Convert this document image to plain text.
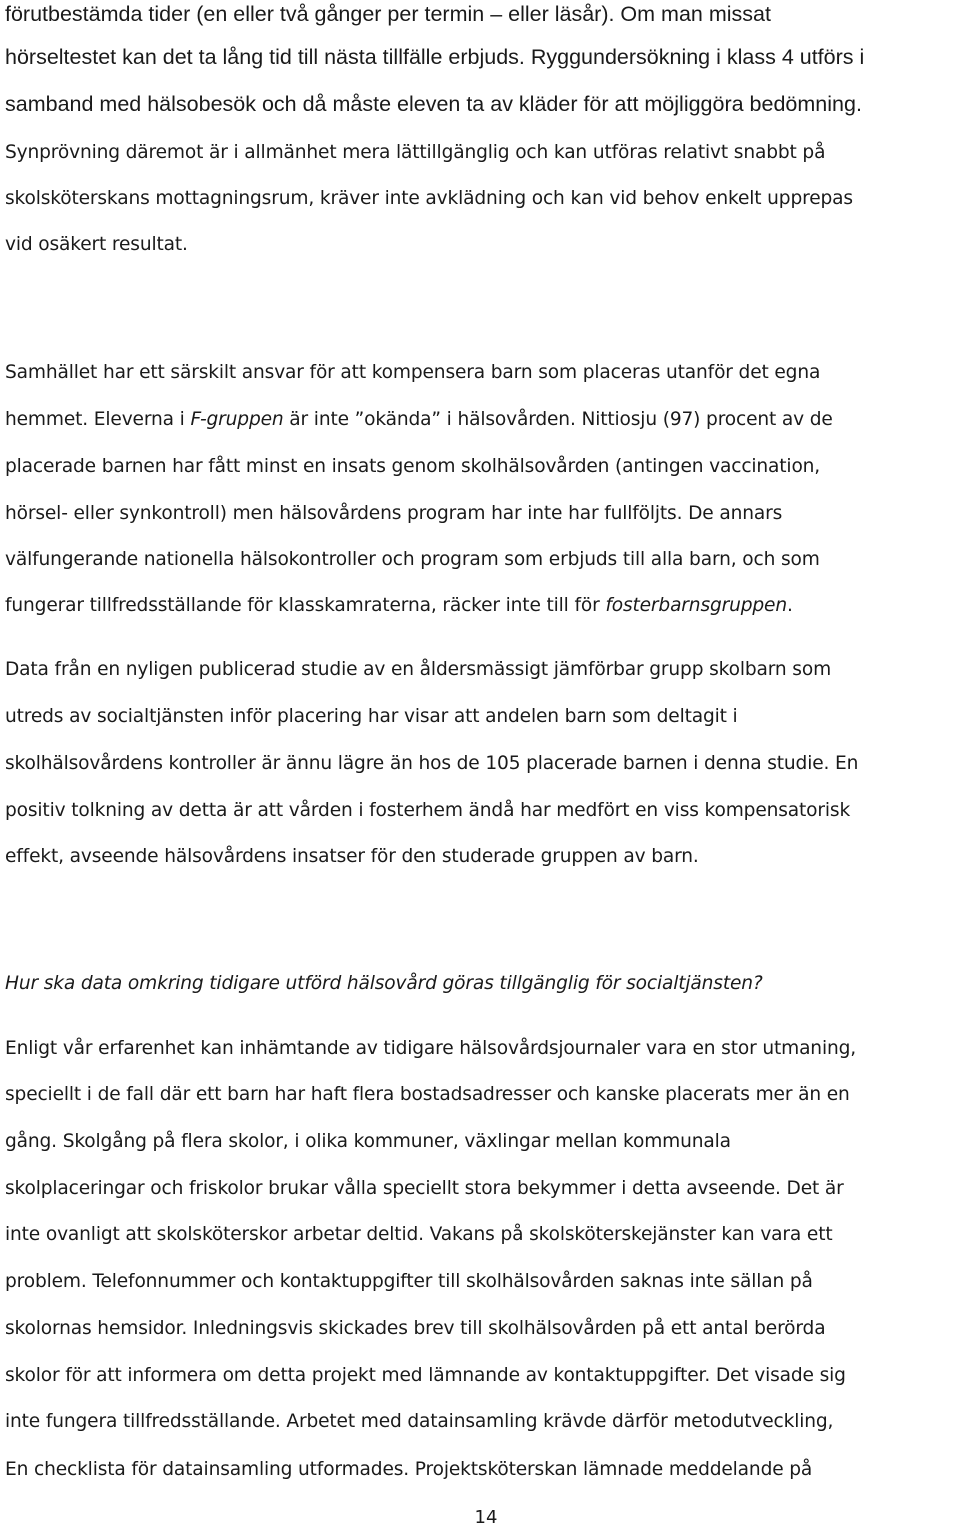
förutbestämda tider (en eller två gånger per termin – eller läsår). Om man missat
hörseltestet kan det ta lång tid till nästa tillfälle erbjuds. Ryggundersökning i klass 4 utförs i
samband med hälsobesök och då måste eleven ta av kläder för att möjliggöra bedömning.
Synprövning däremot är i allmänhet mera lättillgänglig och kan utföras relativt snabbt på
skolsköterskans mottagningsrum, kräver inte avklädning och kan vid behov enkelt upprepas
vid osäkert resultat.
Samhället har ett särskilt ansvar för att kompensera barn som placeras utanför det egna
hemmet. Eleverna i F-gruppen är inte ”okända” i hälsovården. Nittiosju (97) procent av de
placerade barnen har fått minst en insats genom skolhälsovården (antingen vaccination,
hörsel- eller synkontroll) men hälsovårdens program har inte har fullföljts. De annars
välfungerande nationella hälsokontroller och program som erbjuds till alla barn, och som
fungerar tillfredsställande för klasskamraterna, räcker inte till för fosterbarnsgruppen.
Data från en nyligen publicerad studie av en åldersmässigt jämförbar grupp skolbarn som
utreds av socialtjänsten inför placering har visar att andelen barn som deltagit i
skolhälsovårdens kontroller är ännu lägre än hos de 105 placerade barnen i denna studie. En
positiv tolkning av detta är att vården i fosterhem ändå har medfört en viss kompensatorisk
effekt, avseende hälsovårdens insatser för den studerade gruppen av barn.
Hur ska data omkring tidigare utförd hälsovård göras tillgänglig för socialtjänsten?
Enligt vår erfarenhet kan inhämtande av tidigare hälsovårdsjournaler vara en stor utmaning,
speciellt i de fall där ett barn har haft flera bostadsadresser och kanske placerats mer än en
gång. Skolgång på flera skolor, i olika kommuner, växlingar mellan kommunala
skolplaceringar och friskolor brukar vålla speciellt stora bekymmer i detta avseende. Det är
inte ovanligt att skolsköterskor arbetar deltid. Vakans på skolsköterskejänster kan vara ett
problem. Telefonnummer och kontaktuppgifter till skolhälsovården saknas inte sällan på
skolornas hemsidor. Inledningsvis skickades brev till skolhälsovården på ett antal berörda
skolor för att informera om detta projekt med lämnande av kontaktuppgifter. Det visade sig
inte fungera tillfredsställande. Arbetet med datainsamling krävde därför metodutveckling,
En checklista för datainsamling utformades. Projektsköterskan lämnade meddelande på
14
